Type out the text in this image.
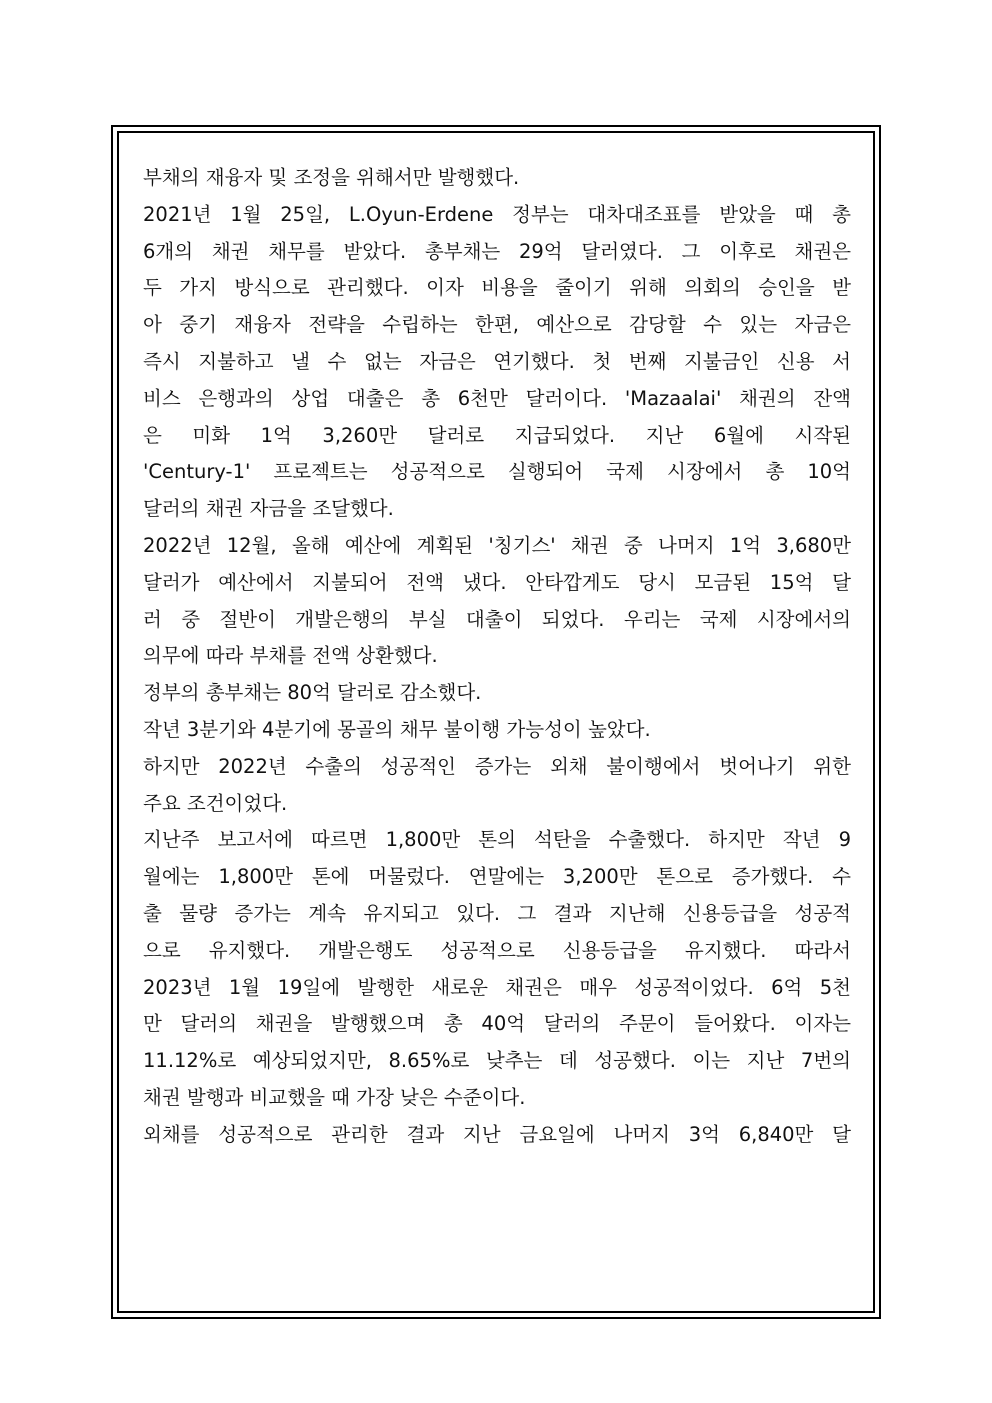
부채의 재융자 및 조정을 위해서만 발행했다.
2021년 1월 25일, L.Oyun-Erdene 정부는 대차대조표를 받았을 때 총
6개의 채권 채무를 받았다. 총부채는 29억 달러였다. 그 이후로 채권은
두 가지 방식으로 관리했다. 이자 비용을 줄이기 위해 의회의 승인을 받
아 중기 재융자 전략을 수립하는 한편, 예산으로 감당할 수 있는 자금은
즉시 지불하고 낼 수 없는 자금은 연기했다. 첫 번째 지불금인 신용 서
비스 은행과의 상업 대출은 총 6천만 달러이다. 'Mazaalai' 채권의 잔액
은 미화 1억 3,260만 달러로 지급되었다. 지난 6월에 시작된
'Century-1' 프로젝트는 성공적으로 실행되어 국제 시장에서 총 10억
달러의 채권 자금을 조달했다.
2022년 12월, 올해 예산에 계획된 '칭기스' 채권 중 나머지 1억 3,680만
달러가 예산에서 지불되어 전액 냈다. 안타깝게도 당시 모금된 15억 달
러 중 절반이 개발은행의 부실 대출이 되었다. 우리는 국제 시장에서의
의무에 따라 부채를 전액 상환했다.
정부의 총부채는 80억 달러로 감소했다.
작년 3분기와 4분기에 몽골의 채무 불이행 가능성이 높았다.
하지만 2022년 수출의 성공적인 증가는 외채 불이행에서 벗어나기 위한
주요 조건이었다.
지난주 보고서에 따르면 1,800만 톤의 석탄을 수출했다. 하지만 작년 9
월에는 1,800만 톤에 머물렀다. 연말에는 3,200만 톤으로 증가했다. 수
출 물량 증가는 계속 유지되고 있다. 그 결과 지난해 신용등급을 성공적
으로 유지했다. 개발은행도 성공적으로 신용등급을 유지했다. 따라서
2023년 1월 19일에 발행한 새로운 채권은 매우 성공적이었다. 6억 5천
만 달러의 채권을 발행했으며 총 40억 달러의 주문이 들어왔다. 이자는
11.12%로 예상되었지만, 8.65%로 낮추는 데 성공했다. 이는 지난 7번의
채권 발행과 비교했을 때 가장 낮은 수준이다.
외채를 성공적으로 관리한 결과 지난 금요일에 나머지 3억 6,840만 달
